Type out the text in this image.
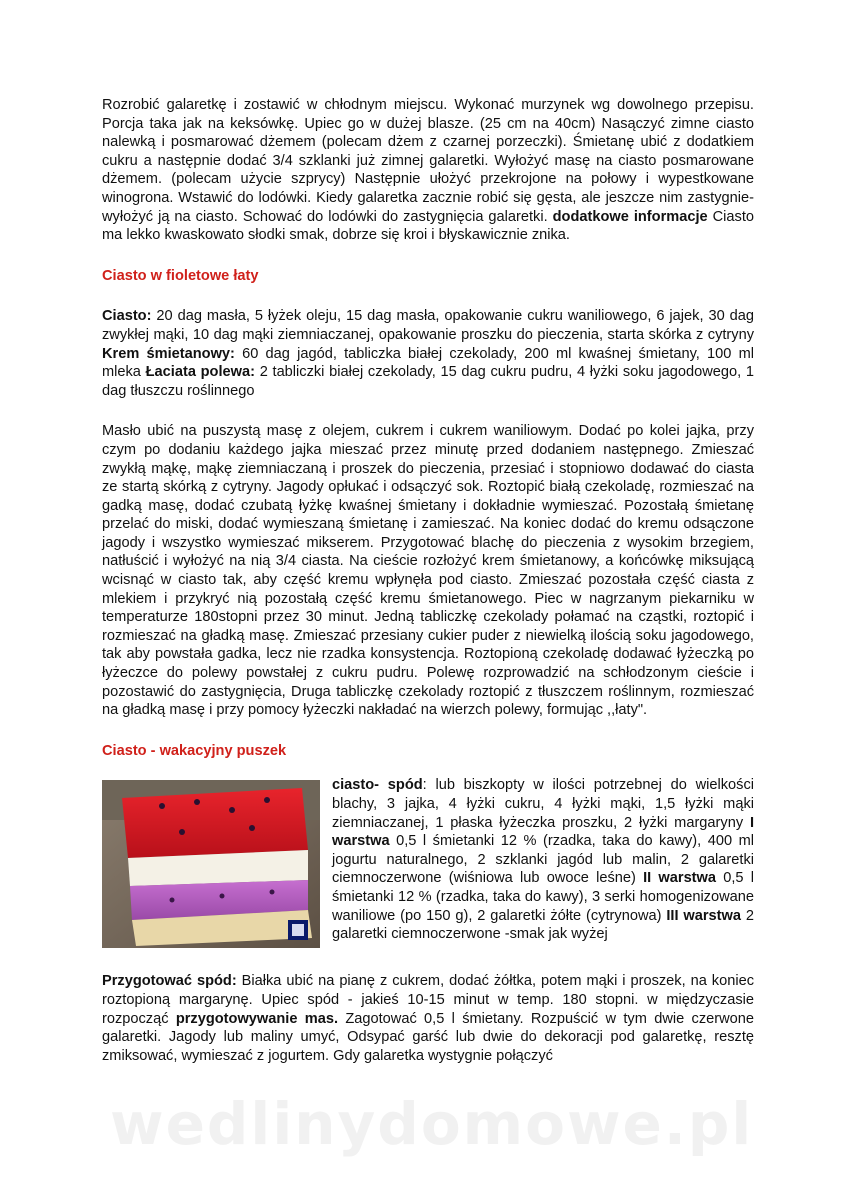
Rozrobić galaretkę i zostawić w chłodnym miejscu. Wykonać murzynek wg dowolnego przepisu. Porcja taka jak na keksówkę. Upiec go w dużej blasze. (25 cm na 40cm) Nasączyć zimne ciasto nalewką i posmarować dżemem (polecam dżem z czarnej porzeczki). Śmietanę ubić z dodatkiem cukru a następnie dodać 3/4 szklanki już zimnej galaretki. Wyłożyć masę na ciasto posmarowane dżemem. (polecam użycie szprycy) Następnie ułożyć przekrojone na połowy i wypestkowane winogrona. Wstawić do lodówki. Kiedy galaretka zacznie robić się gęsta, ale jeszcze nim zastygnie- wyłożyć ją na ciasto. Schować do lodówki do zastygnięcia galaretki. dodatkowe informacje Ciasto ma lekko kwaskowato słodki smak, dobrze się kroi i błyskawicznie znika.

Ciasto w fioletowe łaty

Ciasto: 20 dag masła, 5 łyżek oleju, 15 dag masła, opakowanie cukru waniliowego, 6 jajek, 30 dag zwykłej mąki, 10 dag mąki ziemniaczanej, opakowanie proszku do pieczenia, starta skórka z cytryny Krem śmietanowy: 60 dag jagód, tabliczka białej czekolady, 200 ml kwaśnej śmietany, 100 ml mleka Łaciata polewa: 2 tabliczki białej czekolady, 15 dag cukru pudru, 4 łyżki soku jagodowego, 1 dag tłuszczu roślinnego

Masło ubić na puszystą masę z olejem, cukrem i cukrem waniliowym. Dodać po kolei jajka, przy czym po dodaniu każdego jajka mieszać przez minutę przed dodaniem następnego. Zmieszać zwykłą mąkę, mąkę ziemniaczaną i proszek do pieczenia, przesiać i stopniowo dodawać do ciasta ze startą skórką z cytryny. Jagody opłukać i odsączyć sok. Roztopić białą czekoladę, rozmieszać na gadką masę, dodać czubatą łyżkę kwaśnej śmietany i dokładnie wymieszać. Pozostałą śmietanę przelać do miski, dodać wymieszaną śmietanę i zamieszać. Na koniec dodać do kremu odsączone jagody i wszystko wymieszać mikserem. Przygotować blachę do pieczenia z wysokim brzegiem, natłuścić i wyłożyć na nią 3/4 ciasta. Na cieście rozłożyć krem śmietanowy, a końcówkę miksującą wcisnąć w ciasto tak, aby część kremu wpłynęła pod ciasto. Zmieszać pozostała część ciasta z mlekiem i przykryć nią pozostałą część kremu śmietanowego. Piec w nagrzanym piekarniku w temperaturze 180stopni przez 30 minut. Jedną tabliczkę czekolady połamać na cząstki, roztopić i rozmieszać na gładką masę. Zmieszać przesiany cukier puder z niewielką ilością soku jagodowego, tak aby powstała gadka, lecz nie rzadka konsystencja. Roztopioną czekoladę dodawać łyżeczką po łyżeczce do polewy powstałej z cukru pudru. Polewę rozprowadzić na schłodzonym cieście i pozostawić do zastygnięcia, Druga tabliczkę czekolady roztopić z tłuszczem roślinnym, rozmieszać na gładką masę i przy pomocy łyżeczki nakładać na wierzch polewy, formując ,,łaty".

Ciasto - wakacyjny puszek

ciasto- spód: lub biszkopty w ilości potrzebnej do wielkości blachy, 3 jajka, 4 łyżki cukru, 4 łyżki mąki, 1,5 łyżki mąki ziemniaczanej, 1 płaska łyżeczka proszku, 2 łyżki margaryny I warstwa 0,5 l śmietanki 12 % (rzadka, taka do kawy), 400 ml jogurtu naturalnego, 2 szklanki jagód lub malin, 2 galaretki ciemnoczerwone (wiśniowa lub owoce leśne) II warstwa 0,5 l śmietanki 12 % (rzadka, taka do kawy), 3 serki homogenizowane waniliowe (po 150 g), 2 galaretki żółte (cytrynowa) III warstwa 2 galaretki ciemnoczerwone -smak jak wyżej

Przygotować spód: Białka ubić na pianę z cukrem, dodać żółtka, potem mąki i proszek, na koniec roztopioną margarynę. Upiec spód - jakieś 10-15 minut w temp. 180 stopni. w międzyczasie rozpocząć przygotowywanie mas. Zagotować 0,5 l śmietany. Rozpuścić w tym dwie czerwone galaretki. Jagody lub maliny umyć, Odsypać garść lub dwie do dekoracji pod galaretkę, resztę zmiksować, wymieszać z jogurtem. Gdy galaretka wystygnie połączyć

wedlinydomowe.pl
